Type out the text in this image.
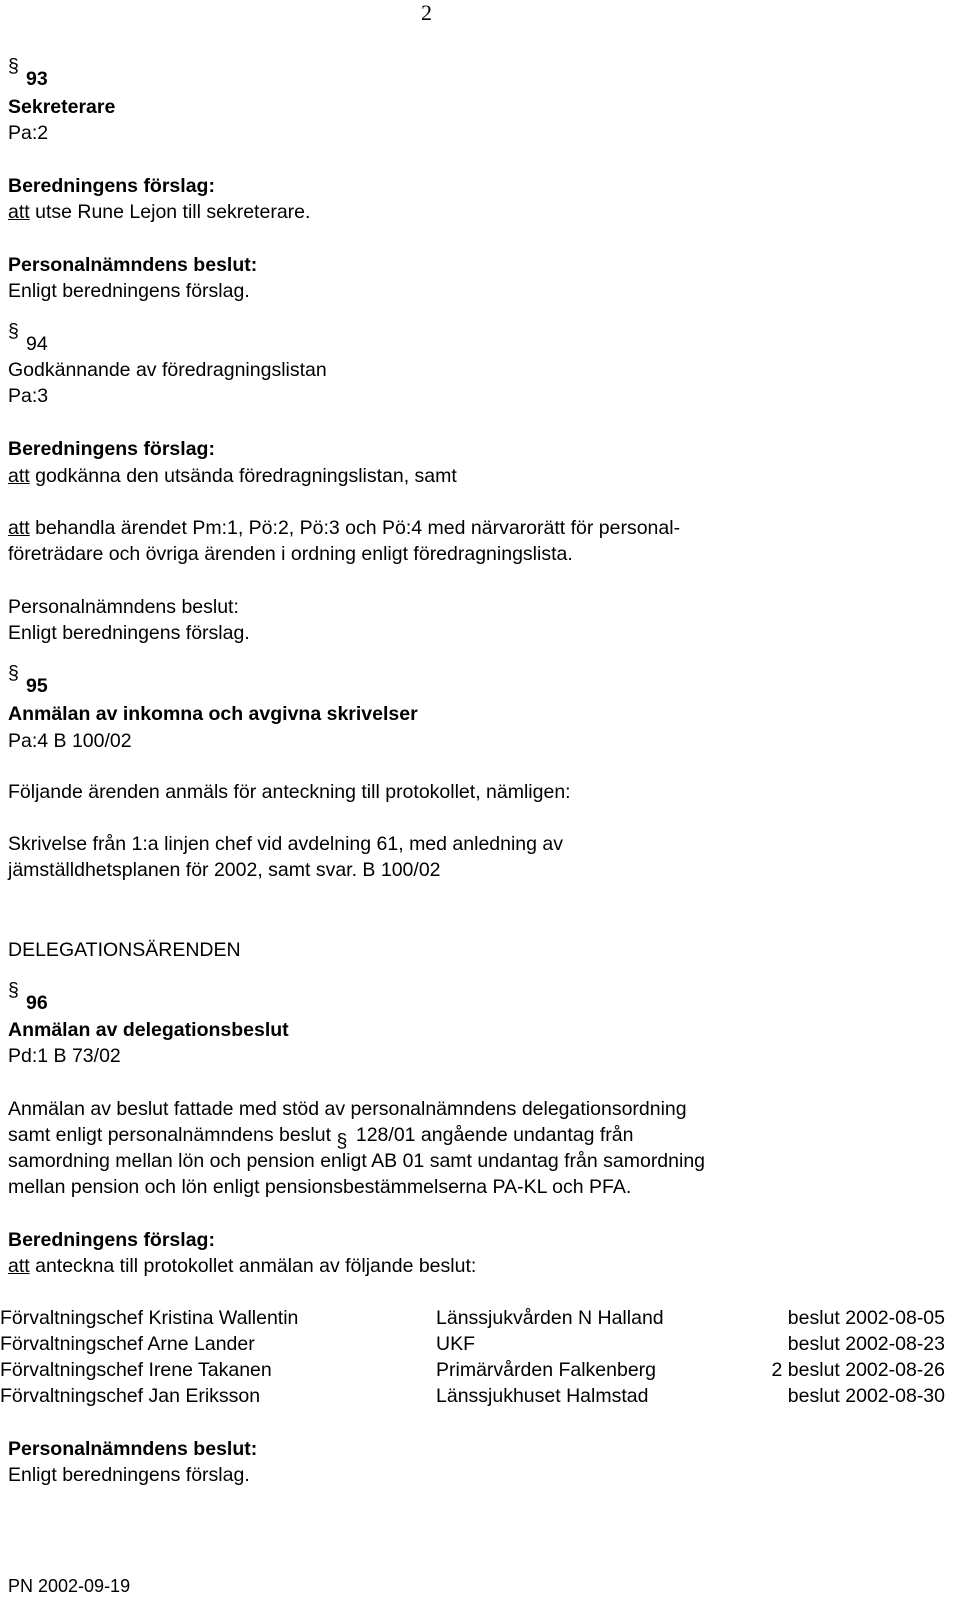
2
§
93
Sekreterare
Pa:2
Beredningens förslag:
att utse Rune Lejon till sekreterare.
Personalnämndens beslut:
Enligt beredningens förslag.
§
94
Godkännande av föredragningslistan
Pa:3
Beredningens förslag:
att godkänna den utsända föredragningslistan, samt
att behandla ärendet Pm:1, Pö:2, Pö:3 och Pö:4 med närvarorätt för personal-
företrädare och övriga ärenden i ordning enligt föredragningslista.
Personalnämndens beslut:
Enligt beredningens förslag.
§
95
Anmälan av inkomna och avgivna skrivelser
Pa:4 B 100/02
Följande ärenden anmäls för anteckning till protokollet, nämligen:
Skrivelse från 1:a linjen chef vid avdelning 61, med anledning av
jämställdhetsplanen för 2002, samt svar. B 100/02
DELEGATIONSÄRENDEN
§
96
Anmälan av delegationsbeslut
Pd:1 B 73/02
Anmälan av beslut fattade med stöd av personalnämndens delegationsordning
samt enligt personalnämndens beslut § 128/01 angående undantag från
samordning mellan lön och pension enligt AB 01 samt undantag från samordning
mellan pension och lön enligt pensionsbestämmelserna PA-KL och PFA.
Beredningens förslag:
att anteckna till protokollet anmälan av följande beslut:
Förvaltningschef Kristina Wallentin	Länssjukvården N Halland	beslut 2002-08-05
Förvaltningschef Arne Lander	UKF	beslut 2002-08-23
Förvaltningschef Irene Takanen	Primärvården Falkenberg	2 beslut 2002-08-26
Förvaltningschef Jan Eriksson	Länssjukhuset Halmstad	beslut 2002-08-30
Personalnämndens beslut:
Enligt beredningens förslag.
PN 2002-09-19
